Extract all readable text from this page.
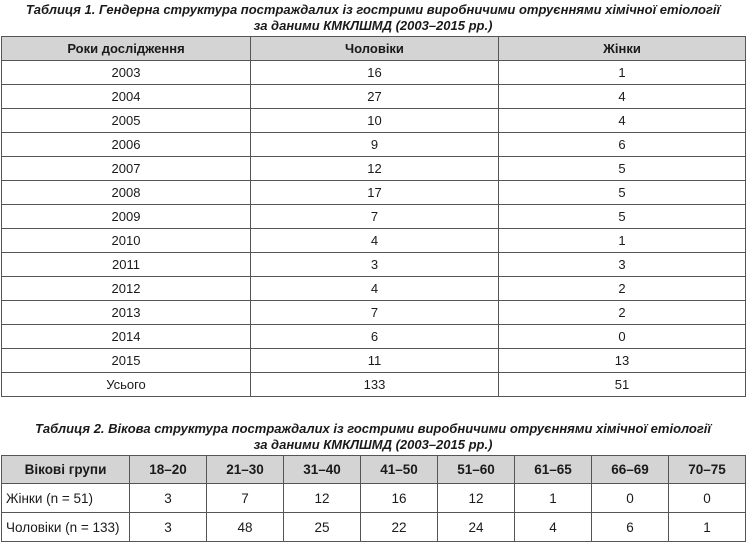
Таблиця 1. Гендерна структура постраждалих із гострими виробничими отруєннями хімічної етіології
за даними КМКЛШМД (2003–2015 рр.)
Роки дослідження	Чоловіки	Жінки
2003	16	1
2004	27	4
2005	10	4
2006	9	6
2007	12	5
2008	17	5
2009	7	5
2010	4	1
2011	3	3
2012	4	2
2013	7	2
2014	6	0
2015	11	13
Усього	133	51
Таблиця 2. Вікова структура постраждалих із гострими виробничими отруєннями хімічної етіології
за даними КМКЛШМД (2003–2015 рр.)
Вікові групи	18–20	21–30	31–40	41–50	51–60	61–65	66–69	70–75
Жінки (n = 51)	3	7	12	16	12	1	0	0
Чоловіки (n = 133)	3	48	25	22	24	4	6	1
